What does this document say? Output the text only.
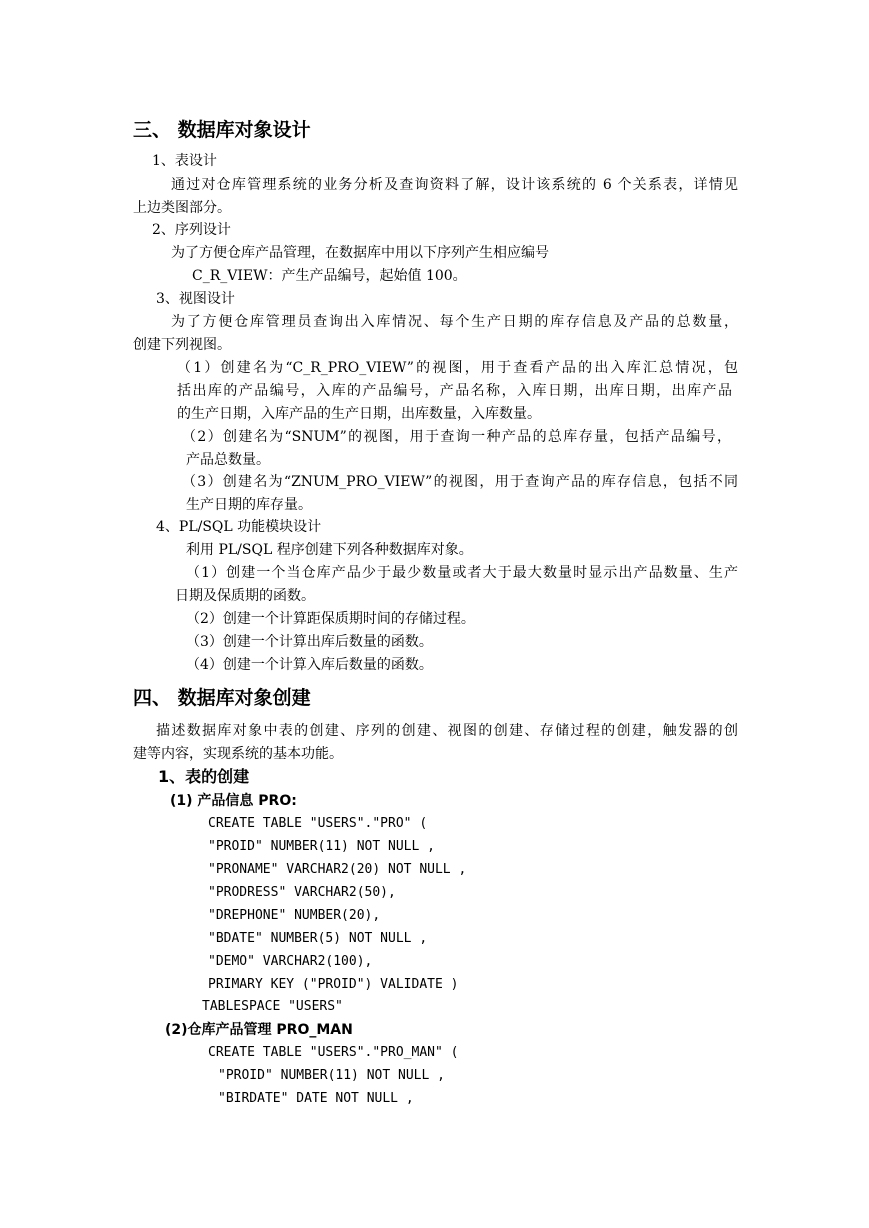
三、 数据库对象设计
1、表设计
通过对仓库管理系统的业务分析及查询资料了解，设计该系统的 6 个关系表，详情见
上边类图部分。
2、序列设计
为了方便仓库产品管理，在数据库中用以下序列产生相应编号
C_R_VIEW：产生产品编号，起始值 100。
3、视图设计
为了方便仓库管理员查询出入库情况、每个生产日期的库存信息及产品的总数量，
创建下列视图。
（1）创建名为“C_R_PRO_VIEW”的视图，用于查看产品的出入库汇总情况，包
括出库的产品编号，入库的产品编号，产品名称，入库日期，出库日期，出库产品
的生产日期，入库产品的生产日期，出库数量，入库数量。
（2）创建名为“SNUM”的视图，用于查询一种产品的总库存量，包括产品编号，
产品总数量。
（3）创建名为“ZNUM_PRO_VIEW”的视图，用于查询产品的库存信息，包括不同
生产日期的库存量。
4、PL/SQL 功能模块设计
利用 PL/SQL 程序创建下列各种数据库对象。
（1）创建一个当仓库产品少于最少数量或者大于最大数量时显示出产品数量、生产
日期及保质期的函数。
（2）创建一个计算距保质期时间的存储过程。
（3）创建一个计算出库后数量的函数。
（4）创建一个计算入库后数量的函数。
四、 数据库对象创建
描述数据库对象中表的创建、序列的创建、视图的创建、存储过程的创建，触发器的创
建等内容，实现系统的基本功能。
1、表的创建
(1) 产品信息 PRO:
CREATE TABLE "USERS"."PRO" (
"PROID" NUMBER(11) NOT NULL ,
"PRONAME" VARCHAR2(20) NOT NULL ,
"PRODRESS" VARCHAR2(50),
"DREPHONE" NUMBER(20),
"BDATE" NUMBER(5) NOT NULL ,
"DEMO" VARCHAR2(100),
PRIMARY KEY ("PROID") VALIDATE )
TABLESPACE "USERS"
(2)仓库产品管理 PRO_MAN
CREATE TABLE "USERS"."PRO_MAN" (
"PROID" NUMBER(11) NOT NULL ,
"BIRDATE" DATE NOT NULL ,
